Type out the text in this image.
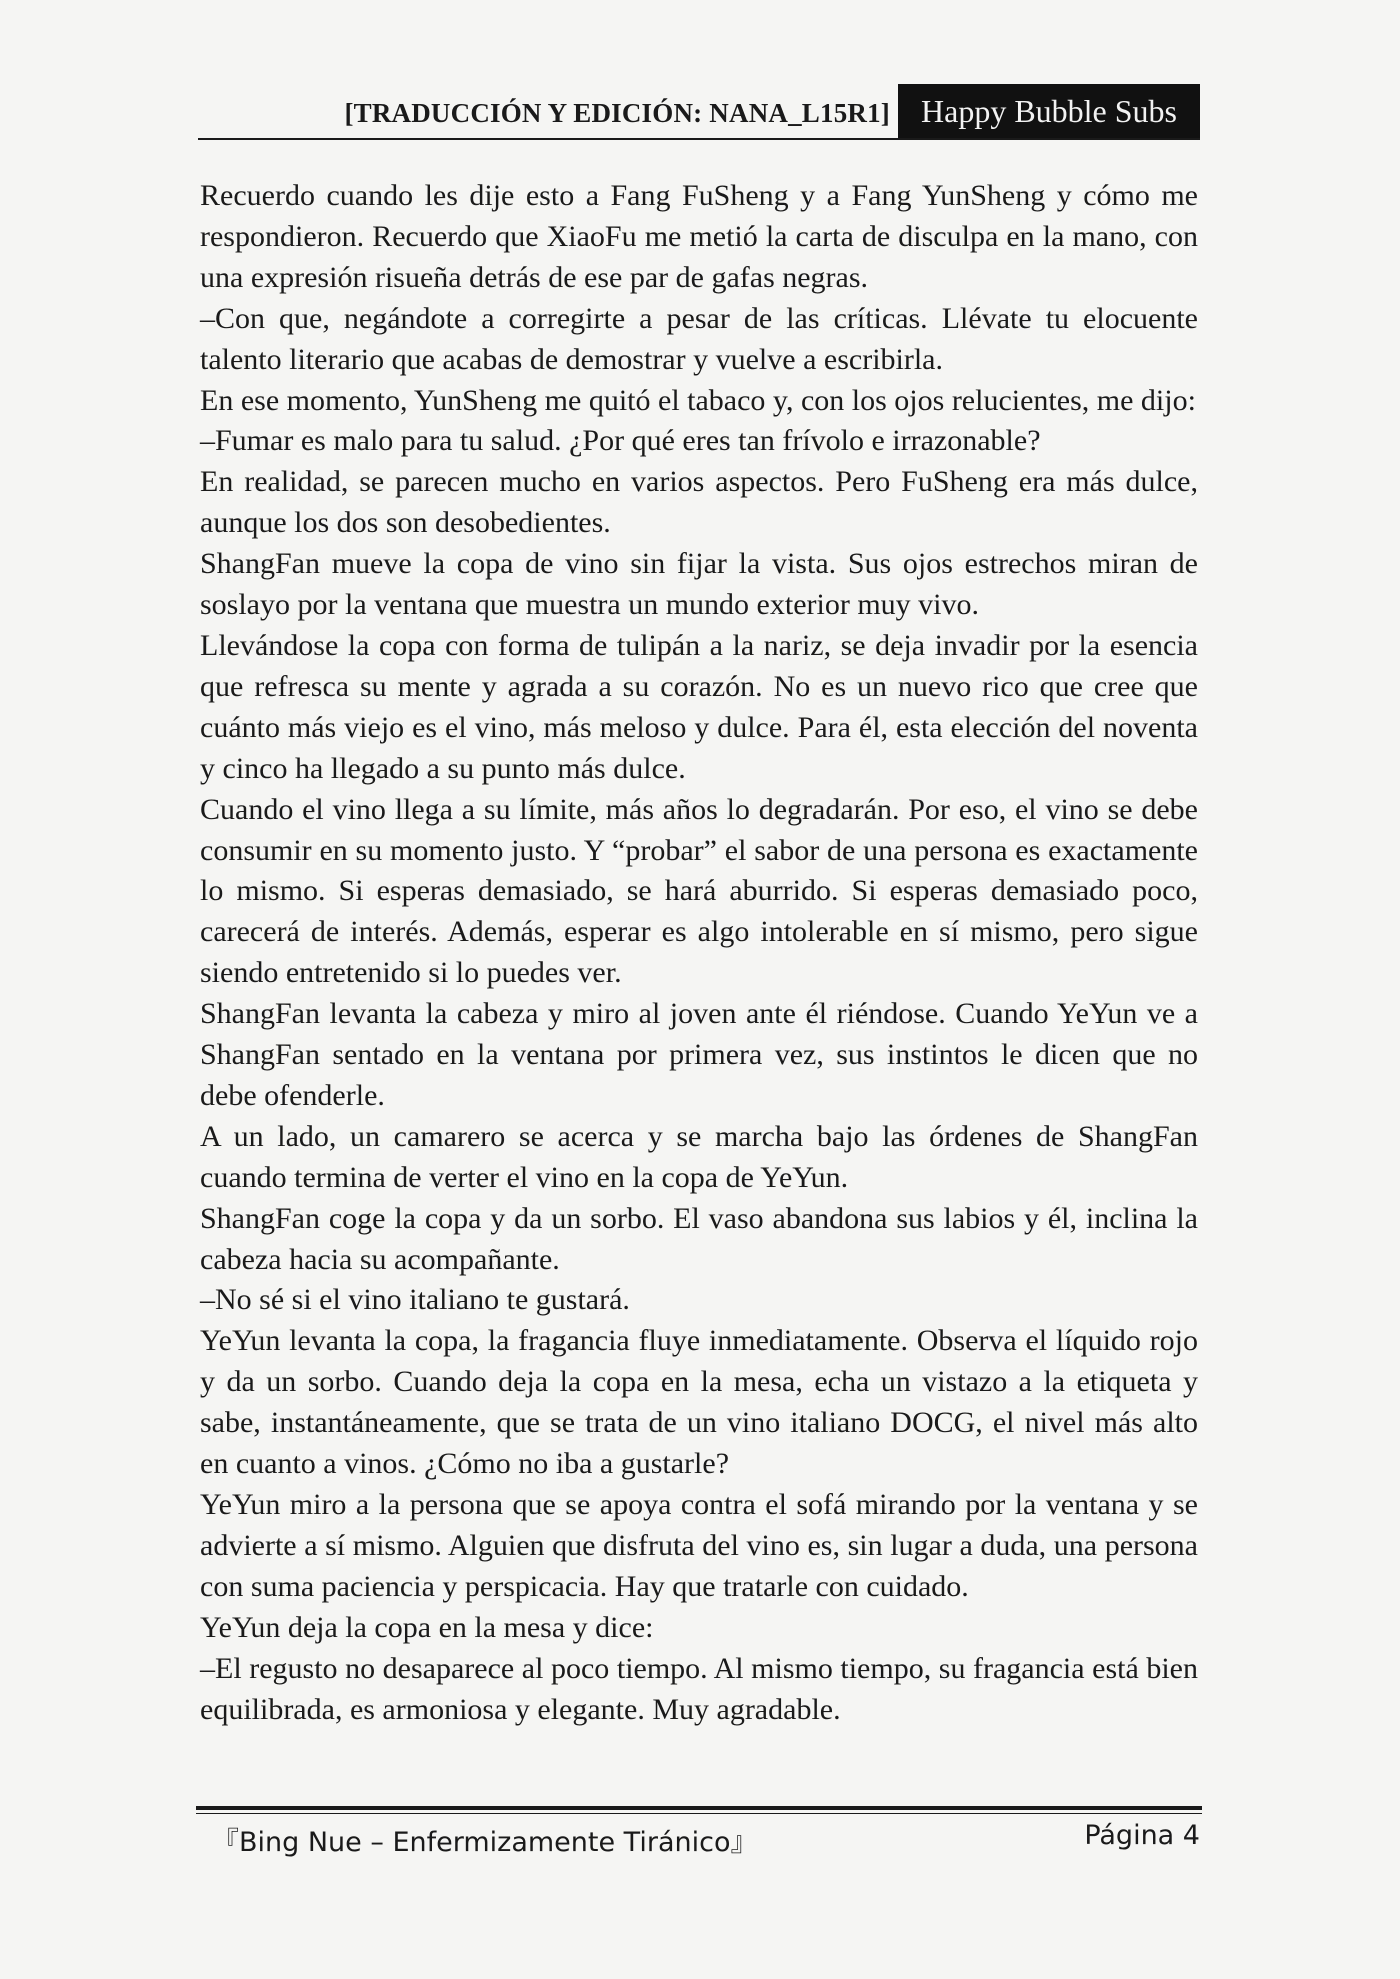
[TRADUCCIÓN Y EDICIÓN: NANA_L15R1] Happy Bubble Subs

Recuerdo cuando les dije esto a Fang FuSheng y a Fang YunSheng y cómo me respondieron. Recuerdo que XiaoFu me metió la carta de disculpa en la mano, con una expresión risueña detrás de ese par de gafas negras.

–Con que, negándote a corregirte a pesar de las críticas. Llévate tu elocuente talento literario que acabas de demostrar y vuelve a escribirla.

En ese momento, YunSheng me quitó el tabaco y, con los ojos relucientes, me dijo:

–Fumar es malo para tu salud. ¿Por qué eres tan frívolo e irrazonable?

En realidad, se parecen mucho en varios aspectos. Pero FuSheng era más dulce, aunque los dos son desobedientes.

ShangFan mueve la copa de vino sin fijar la vista. Sus ojos estrechos miran de soslayo por la ventana que muestra un mundo exterior muy vivo.

Llevándose la copa con forma de tulipán a la nariz, se deja invadir por la esencia que refresca su mente y agrada a su corazón. No es un nuevo rico que cree que cuánto más viejo es el vino, más meloso y dulce. Para él, esta elección del noventa y cinco ha llegado a su punto más dulce.

Cuando el vino llega a su límite, más años lo degradarán. Por eso, el vino se debe consumir en su momento justo. Y “probar” el sabor de una persona es exactamente lo mismo. Si esperas demasiado, se hará aburrido. Si esperas demasiado poco, carecerá de interés. Además, esperar es algo intolerable en sí mismo, pero sigue siendo entretenido si lo puedes ver.

ShangFan levanta la cabeza y miro al joven ante él riéndose. Cuando YeYun ve a ShangFan sentado en la ventana por primera vez, sus instintos le dicen que no debe ofenderle.

A un lado, un camarero se acerca y se marcha bajo las órdenes de ShangFan cuando termina de verter el vino en la copa de YeYun.

ShangFan coge la copa y da un sorbo. El vaso abandona sus labios y él, inclina la cabeza hacia su acompañante.

–No sé si el vino italiano te gustará.

YeYun levanta la copa, la fragancia fluye inmediatamente. Observa el líquido rojo y da un sorbo. Cuando deja la copa en la mesa, echa un vistazo a la etiqueta y sabe, instantáneamente, que se trata de un vino italiano DOCG, el nivel más alto en cuanto a vinos. ¿Cómo no iba a gustarle?

YeYun miro a la persona que se apoya contra el sofá mirando por la ventana y se advierte a sí mismo. Alguien que disfruta del vino es, sin lugar a duda, una persona con suma paciencia y perspicacia. Hay que tratarle con cuidado.

YeYun deja la copa en la mesa y dice:

–El regusto no desaparece al poco tiempo. Al mismo tiempo, su fragancia está bien equilibrada, es armoniosa y elegante. Muy agradable.

『Bing Nue – Enfermizamente Tiránico』	Página 4
